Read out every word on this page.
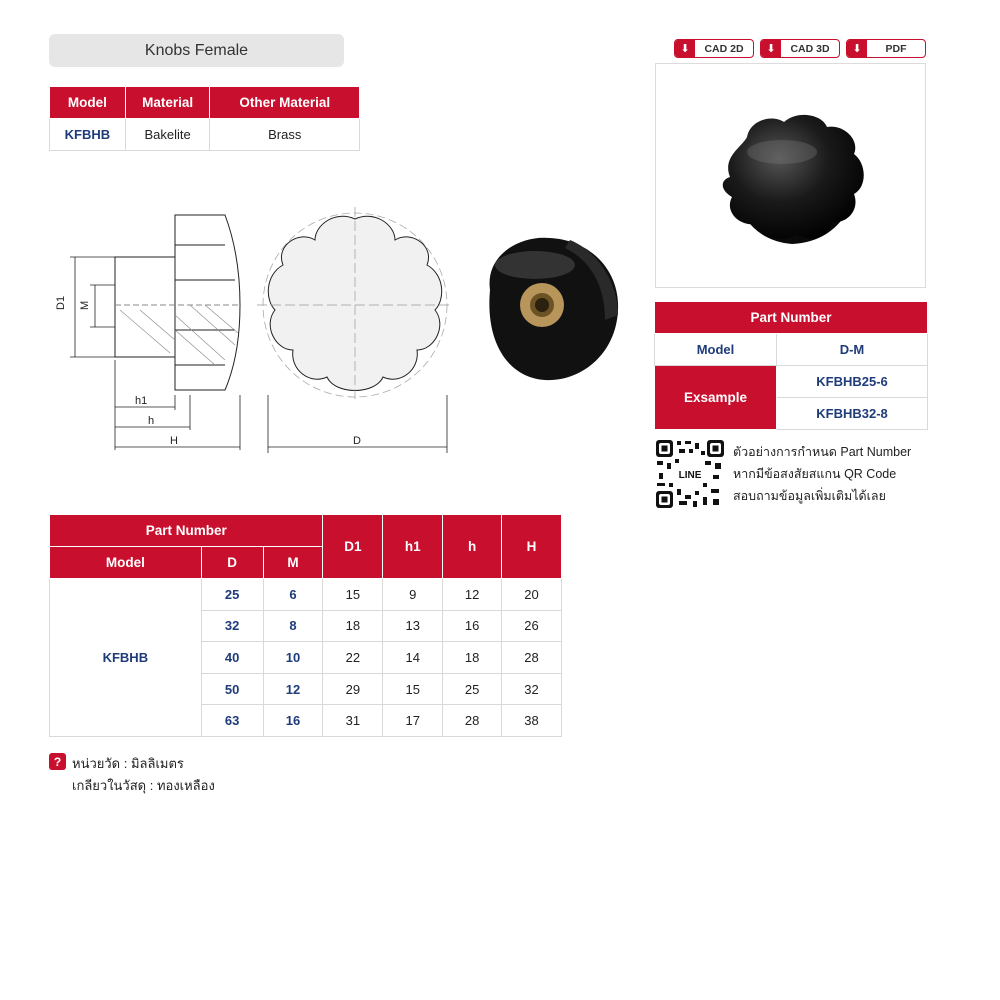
Knobs Female
Model	Material	Other Material
KFBHB	Bakelite	Brass
⬇	CAD 2D	⬇	CAD 3D	⬇	PDF
D1 M
h1
h
H	D
Part Number	
Model	D-M
Exsample	KFBHB25-6
	KFBHB32-8
LINE
ตัวอย่างการกำหนด Part Number
หากมีข้อสงสัยสแกน QR Code
สอบถามข้อมูลเพิ่มเติมได้เลย
Part Number			D1	h1	h	H
Model	D	M				
KFBHB	25	6	15	9	12	20
	32	8	18	13	16	26
	40	10	22	14	18	28
	50	12	29	15	25	32
	63	16	31	17	28	38
? หน่วยวัด : มิลลิเมตร
เกลียวในวัสดุ : ทองเหลือง
